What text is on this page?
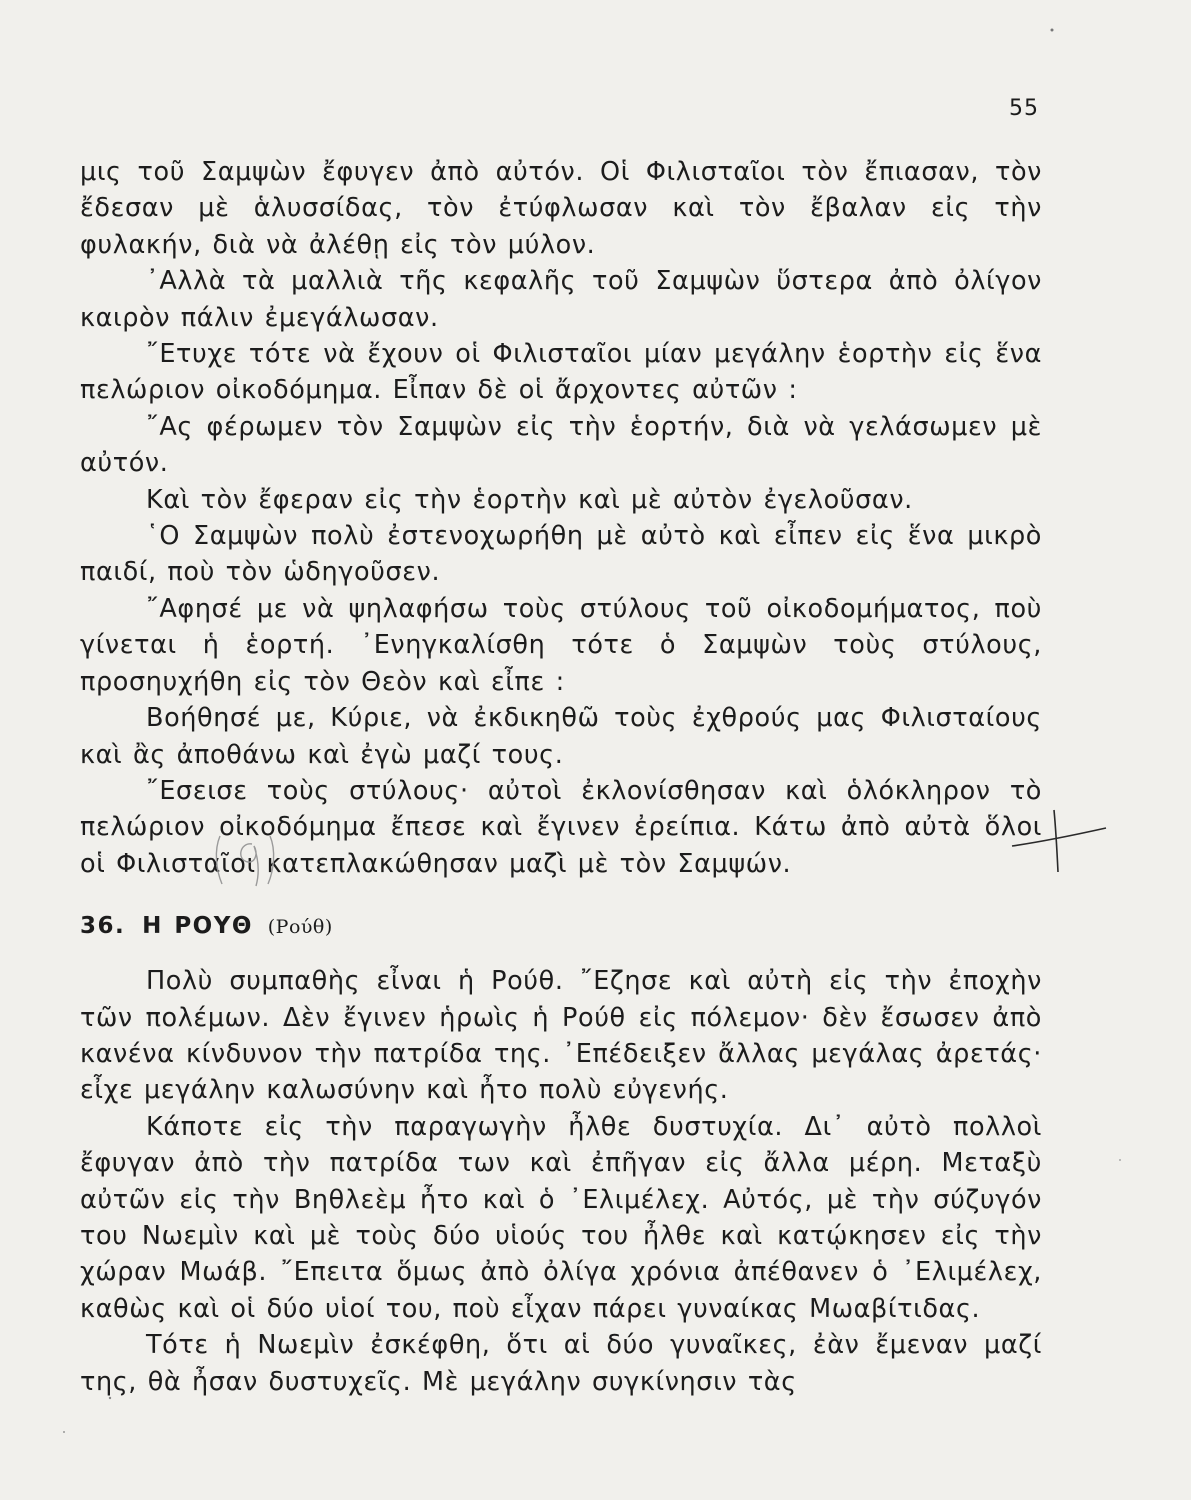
55

μις τοῦ Σαμψὼν ἔφυγεν ἀπὸ αὐτόν. Οἱ Φιλισταῖοι τὸν ἔπιασαν, τὸν ἔδεσαν μὲ ἁλυσσίδας, τὸν ἐτύφλωσαν καὶ τὸν ἔβαλαν εἰς τὴν φυλακήν, διὰ νὰ ἀλέθῃ εἰς τὸν μύλον.

᾿Αλλὰ τὰ μαλλιὰ τῆς κεφαλῆς τοῦ Σαμψὼν ὕστερα ἀπὸ ὀλίγον καιρὸν πάλιν ἐμεγάλωσαν.

῎Ετυχε τότε νὰ ἔχουν οἱ Φιλισταῖοι μίαν μεγάλην ἑορτὴν εἰς ἕνα πελώριον οἰκοδόμημα. Εἶπαν δὲ οἱ ἄρχοντες αὐτῶν :

῎Ας φέρωμεν τὸν Σαμψὼν εἰς τὴν ἑορτήν, διὰ νὰ γελάσωμεν μὲ αὐτόν.

Καὶ τὸν ἔφεραν εἰς τὴν ἑορτὴν καὶ μὲ αὐτὸν ἐγελοῦσαν.

῾Ο Σαμψὼν πολὺ ἐστενοχωρήθη μὲ αὐτὸ καὶ εἶπεν εἰς ἕνα μικρὸ παιδί, ποὺ τὸν ὡδηγοῦσεν.

῎Αφησέ με νὰ ψηλαφήσω τοὺς στύλους τοῦ οἰκοδομήματος, ποὺ γίνεται ἡ ἑορτή. ᾿Ενηγκαλίσθη τότε ὁ Σαμψὼν τοὺς στύλους, προσηυχήθη εἰς τὸν Θεὸν καὶ εἶπε :

Βοήθησέ με, Κύριε, νὰ ἐκδικηθῶ τοὺς ἐχθρούς μας Φιλισταίους καὶ ἂς ἀποθάνω καὶ ἐγὼ μαζί τους.

῎Εσεισε τοὺς στύλους· αὐτοὶ ἐκλονίσθησαν καὶ ὁλόκληρον τὸ πελώριον οἰκοδόμημα ἔπεσε καὶ ἔγινεν ἐρείπια. Κάτω ἀπὸ αὐτὰ ὅλοι οἱ Φιλισταῖοι κατεπλακώθησαν μαζὶ μὲ τὸν Σαμψών.

36. Η ΡΟΥΘ (Ρούθ)

Πολὺ συμπαθὴς εἶναι ἡ Ρούθ. ῎Εζησε καὶ αὐτὴ εἰς τὴν ἐποχὴν τῶν πολέμων. Δὲν ἔγινεν ἡρωὶς ἡ Ρούθ εἰς πόλεμον· δὲν ἔσωσεν ἀπὸ κανένα κίνδυνον τὴν πατρίδα της. ᾿Επέδειξεν ἄλλας μεγάλας ἀρετάς· εἶχε μεγάλην καλωσύνην καὶ ἦτο πολὺ εὐγενής.

Κάποτε εἰς τὴν παραγωγὴν ἦλθε δυστυχία. Δι᾿ αὐτὸ πολλοὶ ἔφυγαν ἀπὸ τὴν πατρίδα των καὶ ἐπῆγαν εἰς ἄλλα μέρη. Μεταξὺ αὐτῶν εἰς τὴν Βηθλεὲμ ἦτο καὶ ὁ ᾿Ελιμέλεχ. Αὐτός, μὲ τὴν σύζυγόν του Νωεμὶν καὶ μὲ τοὺς δύο υἱούς του ἦλθε καὶ κατῴκησεν εἰς τὴν χώραν Μωάβ. ῎Επειτα ὅμως ἀπὸ ὀλίγα χρόνια ἀπέθανεν ὁ ᾿Ελιμέλεχ, καθὼς καὶ οἱ δύο υἱοί του, ποὺ εἶχαν πάρει γυναίκας Μωαβίτιδας.

Τότε ἡ Νωεμὶν ἐσκέφθη, ὅτι αἱ δύο γυναῖκες, ἐὰν ἔμεναν μαζί της, θὰ ἦσαν δυστυχεῖς. Μὲ μεγάλην συγκίνησιν τὰς
